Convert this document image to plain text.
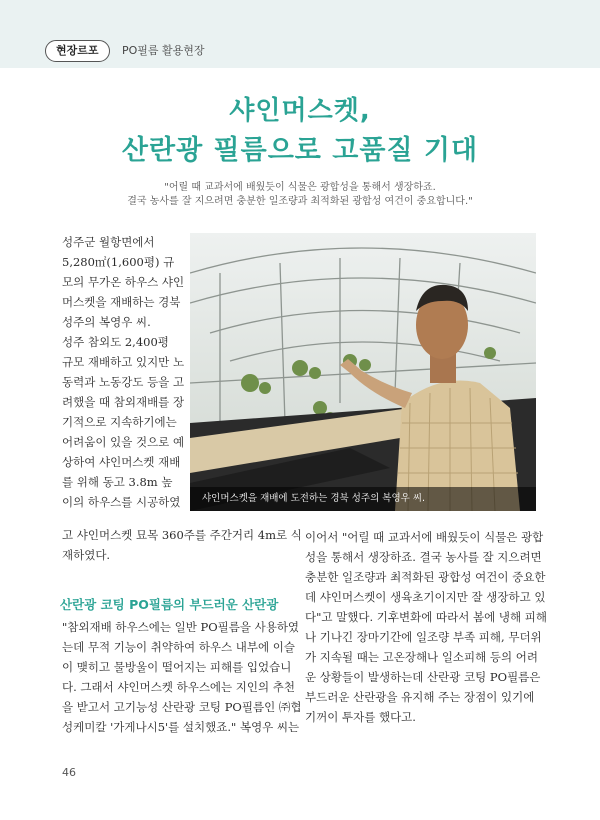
현장르포	PO필름 활용현장
샤인머스켓,
산란광 필름으로 고품질 기대
"어릴 때 교과서에 배웠듯이 식물은 광합성을 통해서 생장하죠.
결국 농사를 잘 지으려면 충분한 일조량과 최적화된 광합성 여건이 중요합니다."
성주군 월항면에서
5,280㎡(1,600평) 규
모의 무가온 하우스 샤인
머스켓을 재배하는 경북
성주의 복영우 씨.
성주 참외도 2,400평
규모 재배하고 있지만 노
동력과 노동강도 등을 고
려했을 때 참외재배를 장
기적으로 지속하기에는
어려움이 있을 것으로 예
상하여 샤인머스켓 재배
를 위해 동고 3.8m 높
이의 하우스를 시공하였
고 샤인머스켓 묘목 360주를 주간거리 4m로 식
재하였다.
샤인머스켓을 재배에 도전하는 경북 성주의 복영우 씨.
산란광 코팅 PO필름의 부드러운 산란광
"참외재배 하우스에는 일반 PO필름을 사용하였
는데 무적 기능이 취약하여 하우스 내부에 이슬
이 맺히고 물방울이 떨어지는 피해를 입었습니
다. 그래서 샤인머스켓 하우스에는 지인의 추천
을 받고서 고기능성 산란광 코팅 PO필름인 ㈜협
성케미칼 '가게나시5'를 설치했죠." 복영우 씨는
이어서 "어릴 때 교과서에 배웠듯이 식물은 광합
성을 통해서 생장하죠. 결국 농사를 잘 지으려면
충분한 일조량과 최적화된 광합성 여건이 중요한
데 샤인머스켓이 생육초기이지만 잘 생장하고 있
다"고 말했다. 기후변화에 따라서 봄에 냉해 피해
나 기나긴 장마기간에 일조량 부족 피해, 무더위
가 지속될 때는 고온장해나 일소피해 등의 어려
운 상황들이 발생하는데 산란광 코팅 PO필름은
부드러운 산란광을 유지해 주는 장점이 있기에
기꺼이 투자를 했다고.
46
